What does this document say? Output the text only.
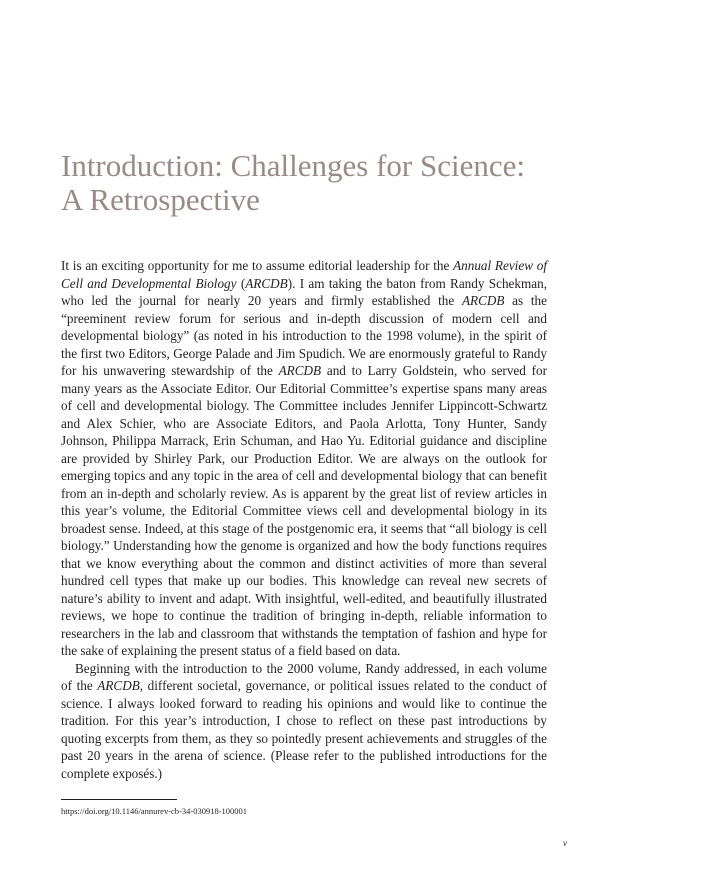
Introduction: Challenges for Science:
A Retrospective

It is an exciting opportunity for me to assume editorial leadership for the Annual Review of Cell and Developmental Biology (ARCDB). I am taking the baton from Randy Schekman, who led the journal for nearly 20 years and firmly established the ARCDB as the “preeminent review forum for serious and in-depth discussion of modern cell and developmental biology” (as noted in his introduction to the 1998 volume), in the spirit of the first two Editors, George Palade and Jim Spudich. We are enormously grateful to Randy for his unwavering stewardship of the ARCDB and to Larry Goldstein, who served for many years as the Associate Editor. Our Editorial Committee’s expertise spans many areas of cell and developmental biology. The Committee includes Jennifer Lippincott-Schwartz and Alex Schier, who are Associate Editors, and Paola Arlotta, Tony Hunter, Sandy Johnson, Philippa Marrack, Erin Schuman, and Hao Yu. Editorial guidance and discipline are provided by Shirley Park, our Production Editor. We are always on the outlook for emerging topics and any topic in the area of cell and developmental biology that can benefit from an in-depth and scholarly review. As is apparent by the great list of review articles in this year’s volume, the Editorial Committee views cell and developmental biology in its broadest sense. Indeed, at this stage of the postgenomic era, it seems that “all biology is cell biology.” Understanding how the genome is organized and how the body functions requires that we know everything about the common and distinct activities of more than several hundred cell types that make up our bodies. This knowledge can reveal new secrets of nature’s ability to invent and adapt. With insightful, well-edited, and beautifully illustrated reviews, we hope to continue the tradition of bringing in-depth, reliable information to researchers in the lab and classroom that withstands the temptation of fashion and hype for the sake of explaining the present status of a field based on data.

Beginning with the introduction to the 2000 volume, Randy addressed, in each volume of the ARCDB, different societal, governance, or political issues related to the conduct of science. I always looked forward to reading his opinions and would like to continue the tradition. For this year’s introduction, I chose to reflect on these past introductions by quoting excerpts from them, as they so pointedly present achievements and struggles of the past 20 years in the arena of science. (Please refer to the published introductions for the complete exposés.)

https://doi.org/10.1146/annurev-cb-34-030918-100001
v
